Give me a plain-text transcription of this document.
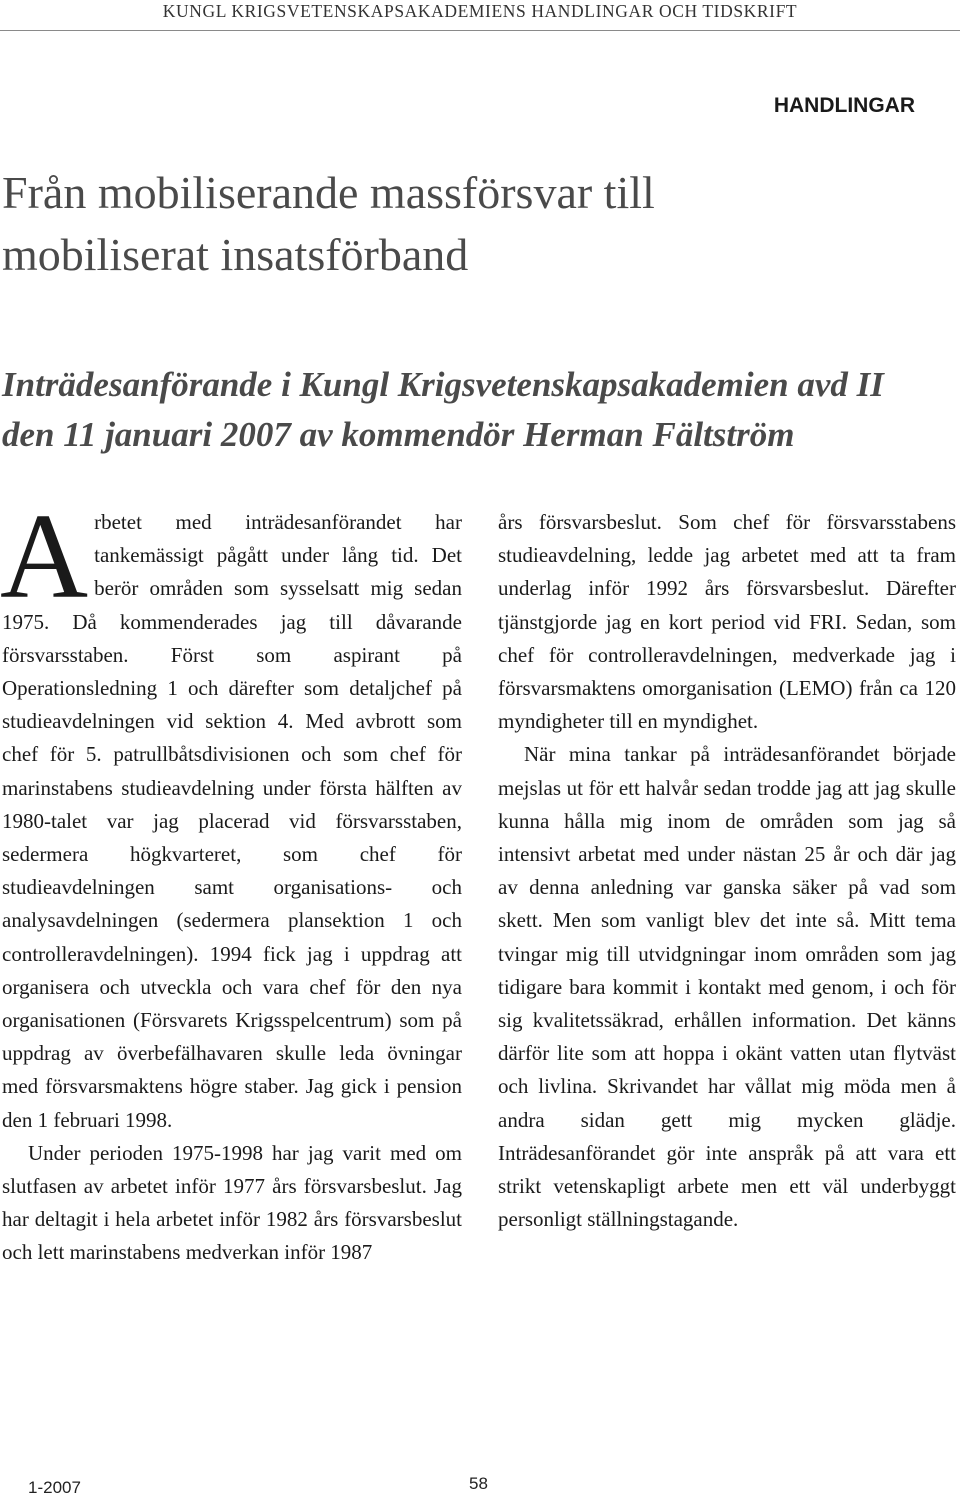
KUNGL KRIGSVETENSKAPSAKADEMIENS HANDLINGAR OCH TIDSKRIFT
HANDLINGAR
Från mobiliserande massförsvar till
mobiliserat insatsförband
Inträdesanförande i Kungl Krigsvetenskapsakademien avd II
den 11 januari 2007 av kommendör Herman Fältström

Arbetet med inträdesanförandet har tankemässigt pågått under lång tid. Det berör områden som sysselsatt mig sedan 1975. Då kommenderades jag till dåvarande försvarsstaben. Först som aspirant på Operationsledning 1 och därefter som detaljchef på studieavdelningen vid sektion 4. Med avbrott som chef för 5. patrullbåtsdivisionen och som chef för marinstabens studieavdelning under första hälften av 1980-talet var jag placerad vid försvarsstaben, sedermera högkvarteret, som chef för studieavdelningen samt organisations- och analysavdelningen (sedermera plansektion 1 och controlleravdelningen). 1994 fick jag i uppdrag att organisera och utveckla och vara chef för den nya organisationen (Försvarets Krigsspelcentrum) som på uppdrag av överbefälhavaren skulle leda övningar med försvarsmaktens högre staber. Jag gick i pension den 1 februari 1998.

Under perioden 1975-1998 har jag varit med om slutfasen av arbetet inför 1977 års försvarsbeslut. Jag har deltagit i hela arbetet inför 1982 års försvarsbeslut och lett marinstabens medverkan inför 1987

års försvarsbeslut. Som chef för försvarsstabens studieavdelning, ledde jag arbetet med att ta fram underlag inför 1992 års försvarsbeslut. Därefter tjänstgjorde jag en kort period vid FRI. Sedan, som chef för controlleravdelningen, medverkade jag i försvarsmaktens omorganisation (LEMO) från ca 120 myndigheter till en myndighet.

När mina tankar på inträdesanförandet började mejslas ut för ett halvår sedan trodde jag att jag skulle kunna hålla mig inom de områden som jag så intensivt arbetat med under nästan 25 år och där jag av denna anledning var ganska säker på vad som skett. Men som vanligt blev det inte så. Mitt tema tvingar mig till utvidgningar inom områden som jag tidigare bara kommit i kontakt med genom, i och för sig kvalitetssäkrad, erhållen information. Det känns därför lite som att hoppa i okänt vatten utan flytväst och livlina. Skrivandet har vållat mig möda men å andra sidan gett mig mycken glädje. Inträdesanförandet gör inte anspråk på att vara ett strikt vetenskapligt arbete men ett väl underbyggt personligt ställningstagande.

1-2007	58
